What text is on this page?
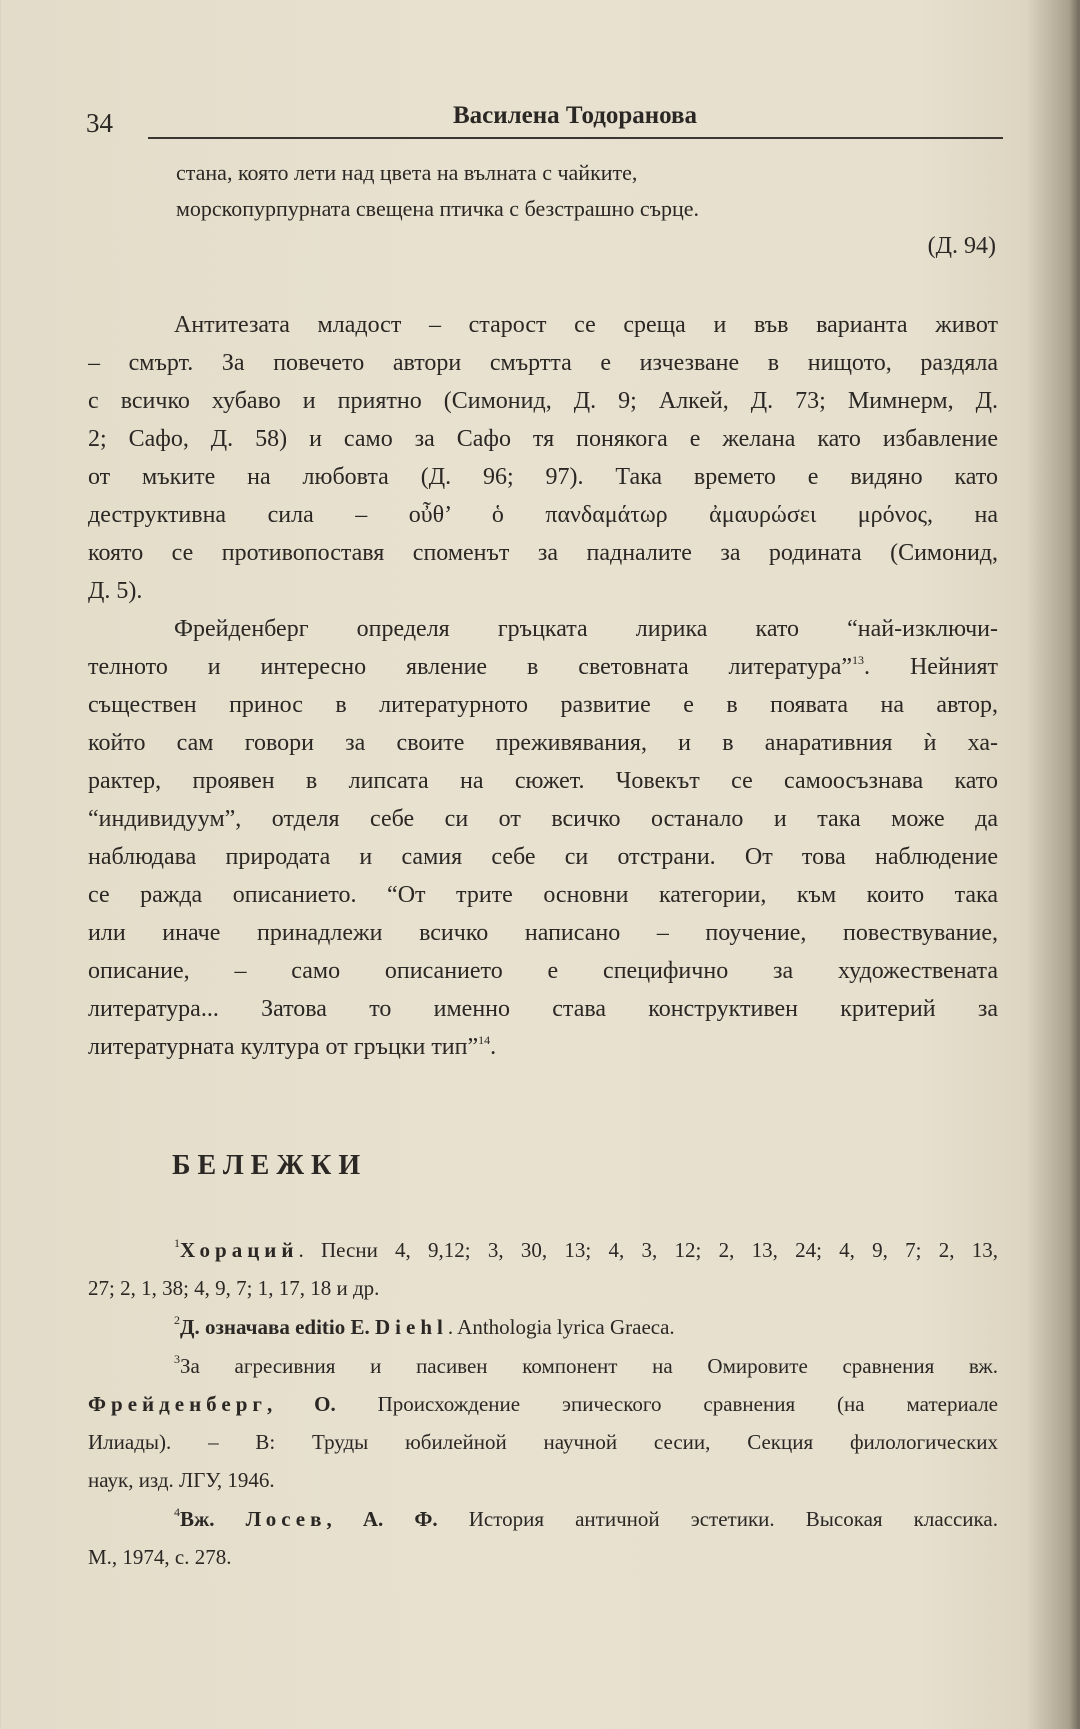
34	Василена Тодоранова
стана, която лети над цвета на вълната с чайките,
морскопурпурната свещена птичка с безстрашно сърце.
(Д. 94)
Антитезата младост – старост се среща и във варианта живот
– смърт. За повечето автори смъртта е изчезване в нищото, раздяла
с всичко хубаво и приятно (Симонид, Д. 9; Алкей, Д. 73; Мимнерм, Д.
2; Сафо, Д. 58) и само за Сафо тя понякога е желана като избавление
от мъките на любовта (Д. 96; 97). Така времето е видяно като
деструктивна сила – οὖθ’ ὁ πανδαμάτωρ ἀμαυρώσει μρόνος, на
която се противопоставя споменът за падналите за родината (Симонид,
Д. 5).
Фрейденберг определя гръцката лирика като “най-изключи-
телното и интересно явление в световната литература”$^{13}$. Нейният
съществен принос в литературното развитие е в появата на автор,
който сам говори за своите преживявания, и в анаративния ѝ ха-
рактер, проявен в липсата на сюжет. Човекът се самоосъзнава като
“индивидуум”, отделя себе си от всичко останало и така може да
наблюдава природата и самия себе си отстрани. От това наблюдение
се ражда описанието. “От трите основни категории, към които така
или иначе принадлежи всичко написано – поучение, повествувание,
описание, – само описанието е специфично за художествената
литература... Затова то именно става конструктивен критерий за
литературната култура от гръцки тип”$^{14}$.
БЕЛЕЖКИ
$^1$Хораций. Песни 4, 9,12; 3, 30, 13; 4, 3, 12; 2, 13, 24; 4, 9, 7; 2, 13,
27; 2, 1, 38; 4, 9, 7; 1, 17, 18 и др.
$^2$Д. означава editio E. Diehl. Anthologia lyrica Graeca.
$^3$За агресивния и пасивен компонент на Омировите сравнения вж.
Фрейденберг, О. Происхождение эпического сравнения (на материале
Илиады). – В: Труды юбилейной научной сесии, Секция филологических
наук, изд. ЛГУ, 1946.
$^4$Вж. Лосев, А. Ф. История античной эстетики. Высокая классика.
М., 1974, с. 278.
